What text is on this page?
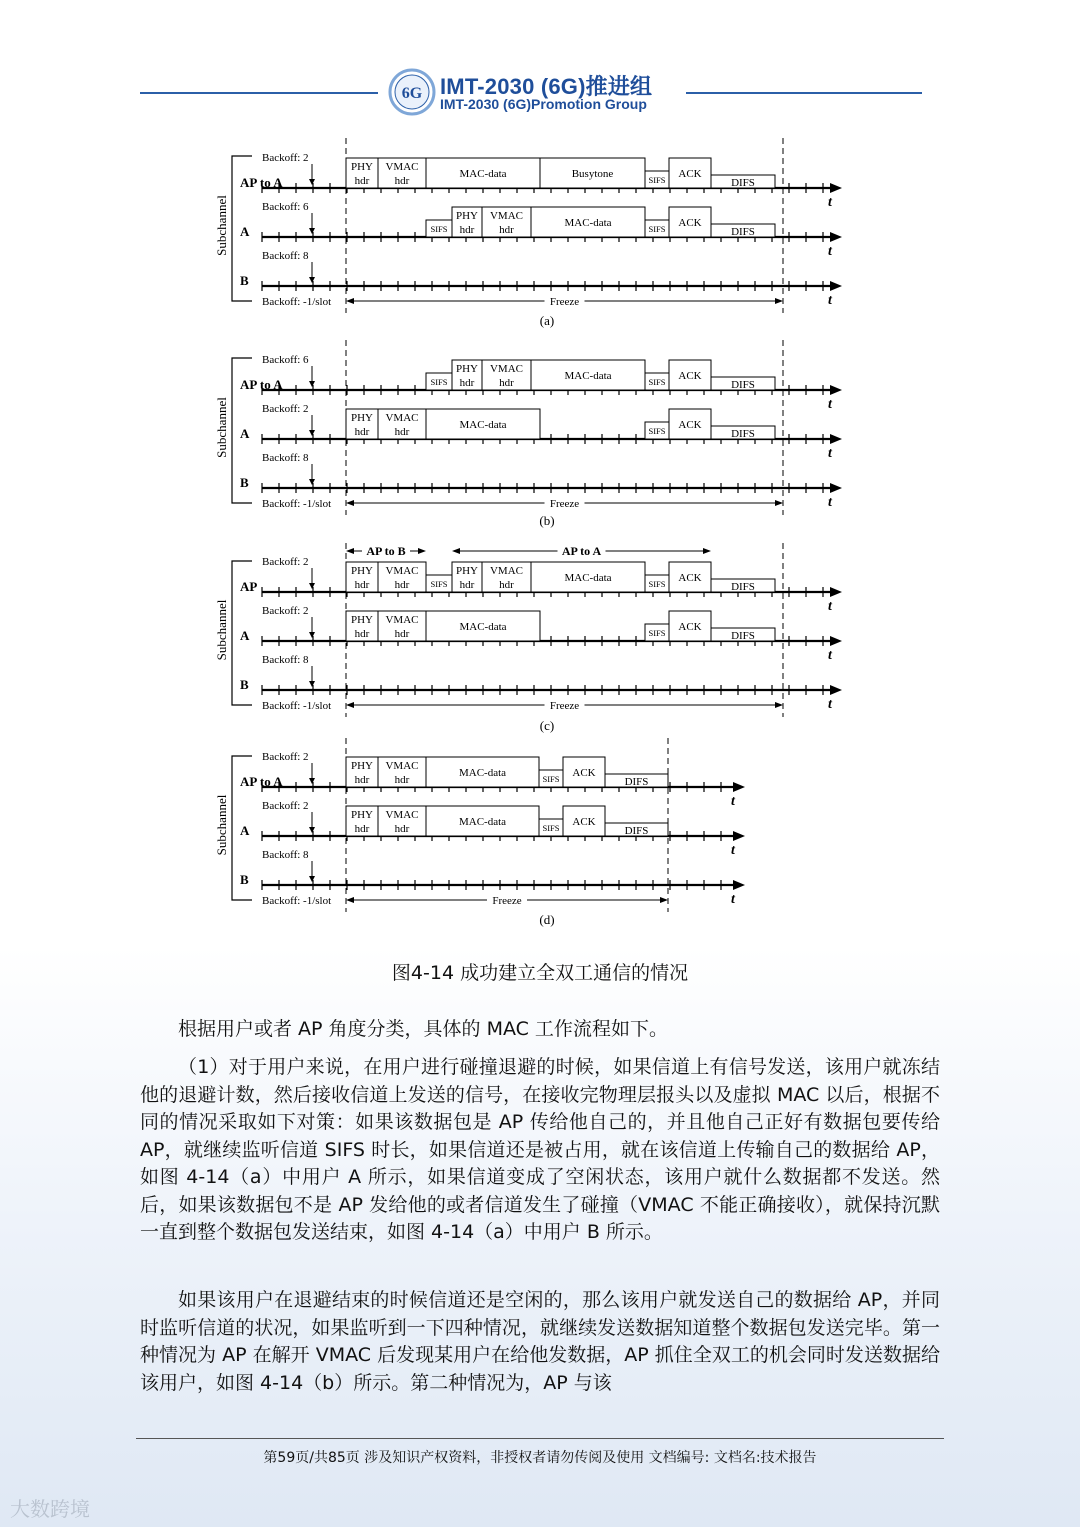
6G IMT-2030 (6G)推进组
IMT-2030 (6G)Promotion Group
Subchannel
Backoff: 2
AP to A
t
PHY
hdr
VMAC
hdr
MAC-data	Busytone	SIFS ACK
DIFS
Backoff: 6
A
t
SIFS
PHY
hdr
VMAC
hdr
MAC-data	SIFS ACK
DIFS
Backoff: 8
B
t
Backoff: -1/slot	Freeze
(a)
Subchannel
Backoff: 6
AP to A
t
SIFS
PHY
hdr
VMAC
hdr
MAC-data	SIFS ACK
DIFS
Backoff: 2
A
t
PHY
hdr
VMAC
hdr
MAC-data	SIFS ACK
DIFS
Backoff: 8
B
t
Backoff: -1/slot	Freeze
(b)
Subchannel
Backoff: 2
AP
t
PHY
hdr
VMAC
hdr SIFS
PHY
hdr
VMAC
hdr
MAC-data	SIFS ACK
DIFS
Backoff: 2
A
t
PHY
hdr
VMAC
hdr
MAC-data	SIFS ACK
DIFS
Backoff: 8
B
t
Backoff: -1/slot	Freeze
(c)
AP to B	AP to A
Subchannel
Backoff: 2
AP to A
t
PHY
hdr
VMAC
hdr
MAC-data	SIFS ACK
DIFS
Backoff: 2
A
t
PHY
hdr
VMAC
hdr
MAC-data	SIFS ACK
DIFS
Backoff: 8
B
t
Backoff: -1/slot	Freeze
(d)
图4-14 成功建立全双工通信的情况
根据用户或者 AP 角度分类，具体的 MAC 工作流程如下。
（1）对于用户来说，在用户进行碰撞退避的时候，如果信道上有信号发送，该用户就冻结他的退避计数，然后接收信道上发送的信号，在接收完物理层报头以及虚拟 MAC 以后，根据不同的情况采取如下对策：如果该数据包是 AP 传给他自己的，并且他自己正好有数据包要传给 AP，就继续监听信道 SIFS 时长，如果信道还是被占用，就在该信道上传输自己的数据给 AP，如图 4-14（a）中用户 A 所示，如果信道变成了空闲状态，该用户就什么数据都不发送。然后，如果该数据包不是 AP 发给他的或者信道发生了碰撞（VMAC 不能正确接收），就保持沉默一直到整个数据包发送结束，如图 4-14（a）中用户 B 所示。
如果该用户在退避结束的时候信道还是空闲的，那么该用户就发送自己的数据给 AP，并同时监听信道的状况，如果监听到一下四种情况，就继续发送数据知道整个数据包发送完毕。第一种情况为 AP 在解开 VMAC 后发现某用户在给他发数据，AP 抓住全双工的机会同时发送数据给该用户，如图 4-14（b）所示。第二种情况为，AP 与该
第59页/共85页 涉及知识产权资料，非授权者请勿传阅及使用 文档编号: 文档名:技术报告
大数跨境
